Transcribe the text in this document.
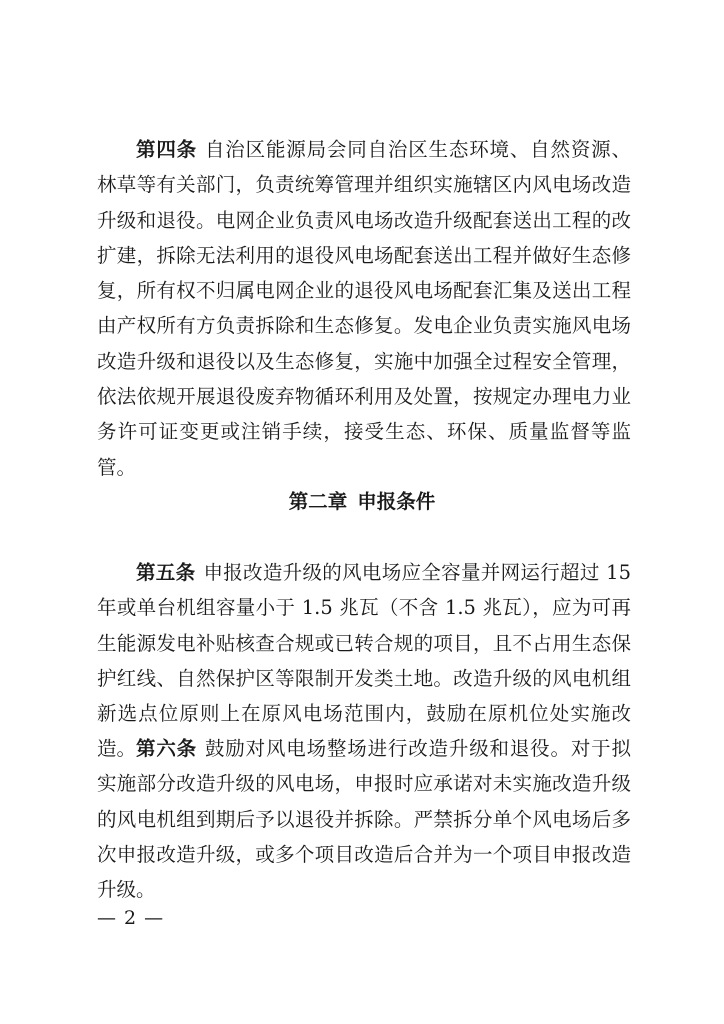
第四条 自治区能源局会同自治区生态环境、自然资源、林草等有关部门，负责统筹管理并组织实施辖区内风电场改造升级和退役。电网企业负责风电场改造升级配套送出工程的改扩建，拆除无法利用的退役风电场配套送出工程并做好生态修复，所有权不归属电网企业的退役风电场配套汇集及送出工程由产权所有方负责拆除和生态修复。发电企业负责实施风电场改造升级和退役以及生态修复，实施中加强全过程安全管理，依法依规开展退役废弃物循环利用及处置，按规定办理电力业务许可证变更或注销手续，接受生态、环保、质量监督等监管。

第二章 申报条件

第五条 申报改造升级的风电场应全容量并网运行超过 15 年或单台机组容量小于 1.5 兆瓦（不含 1.5 兆瓦），应为可再生能源发电补贴核查合规或已转合规的项目，且不占用生态保护红线、自然保护区等限制开发类土地。改造升级的风电机组新选点位原则上在原风电场范围内，鼓励在原机位处实施改造。 第六条 鼓励对风电场整场进行改造升级和退役。对于拟实施部分改造升级的风电场，申报时应承诺对未实施改造升级的风电机组到期后予以退役并拆除。严禁拆分单个风电场后多次申报改造升级，或多个项目改造后合并为一个项目申报改造升级。

— 2 —
